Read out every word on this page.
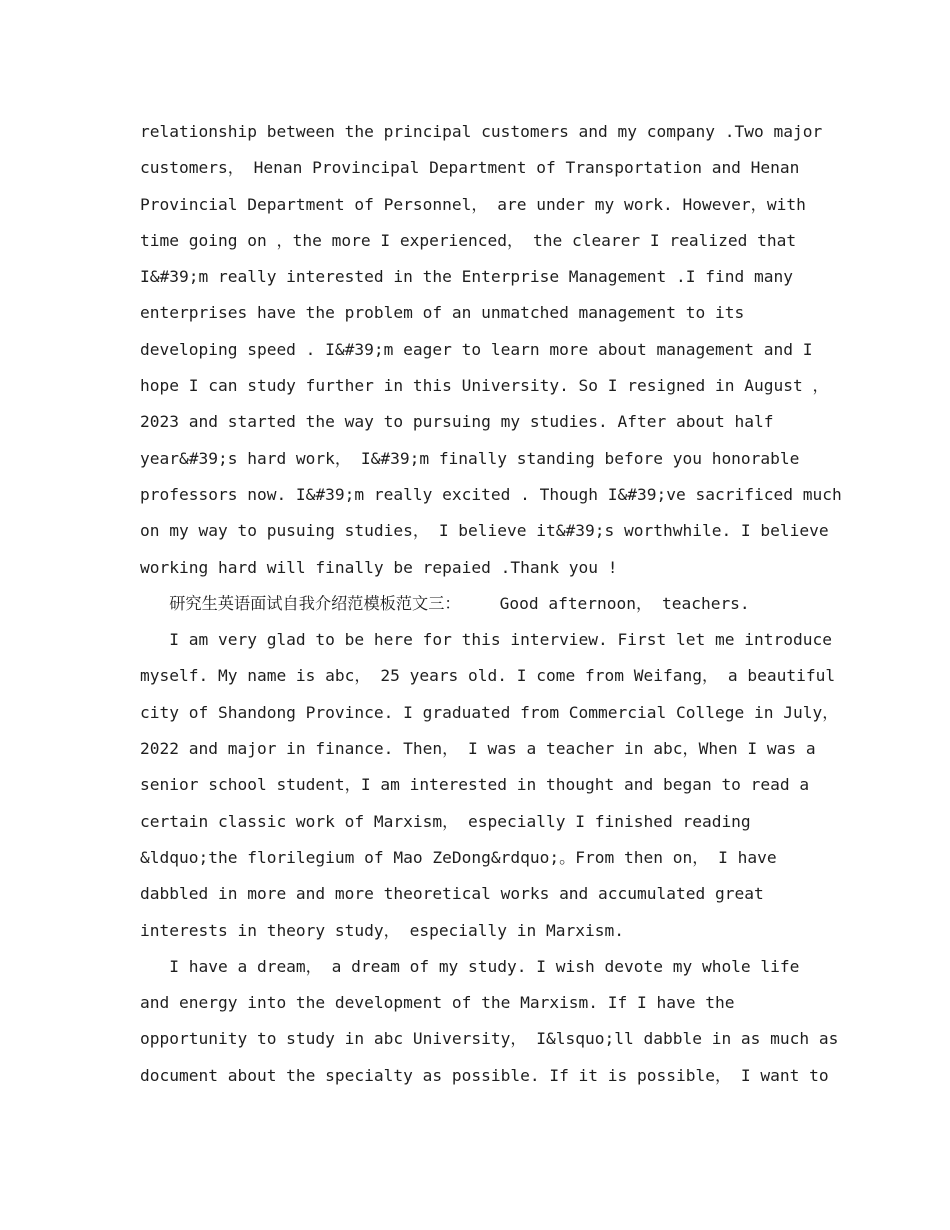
relationship between the principal customers and my company .Two major
customers， Henan Provincipal Department of Transportation and Henan
Provincial Department of Personnel， are under my work. However，with
time going on ，the more I experienced， the clearer I realized that
I&#39;m really interested in the Enterprise Management .I find many
enterprises have the problem of an unmatched management to its
developing speed . I&#39;m eager to learn more about management and I
hope I can study further in this University. So I resigned in August ，
2023 and started the way to pursuing my studies. After about half
year&#39;s hard work， I&#39;m finally standing before you honorable
professors now. I&#39;m really excited . Though I&#39;ve sacrificed much
on my way to pusuing studies， I believe it&#39;s worthwhile. I believe
working hard will finally be repaied .Thank you !
研究生英语面试自我介绍范模板范文三：    Good afternoon， teachers.
I am very glad to be here for this interview. First let me introduce
myself. My name is abc， 25 years old. I come from Weifang， a beautiful
city of Shandong Province. I graduated from Commercial College in July，
2022 and major in finance. Then， I was a teacher in abc，When I was a
senior school student，I am interested in thought and began to read a
certain classic work of Marxism， especially I finished reading
&ldquo;the florilegium of Mao ZeDong&rdquo;。From then on， I have
dabbled in more and more theoretical works and accumulated great
interests in theory study， especially in Marxism.
I have a dream， a dream of my study. I wish devote my whole life
and energy into the development of the Marxism. If I have the
opportunity to study in abc University， I&lsquo;ll dabble in as much as
document about the specialty as possible. If it is possible， I want to
